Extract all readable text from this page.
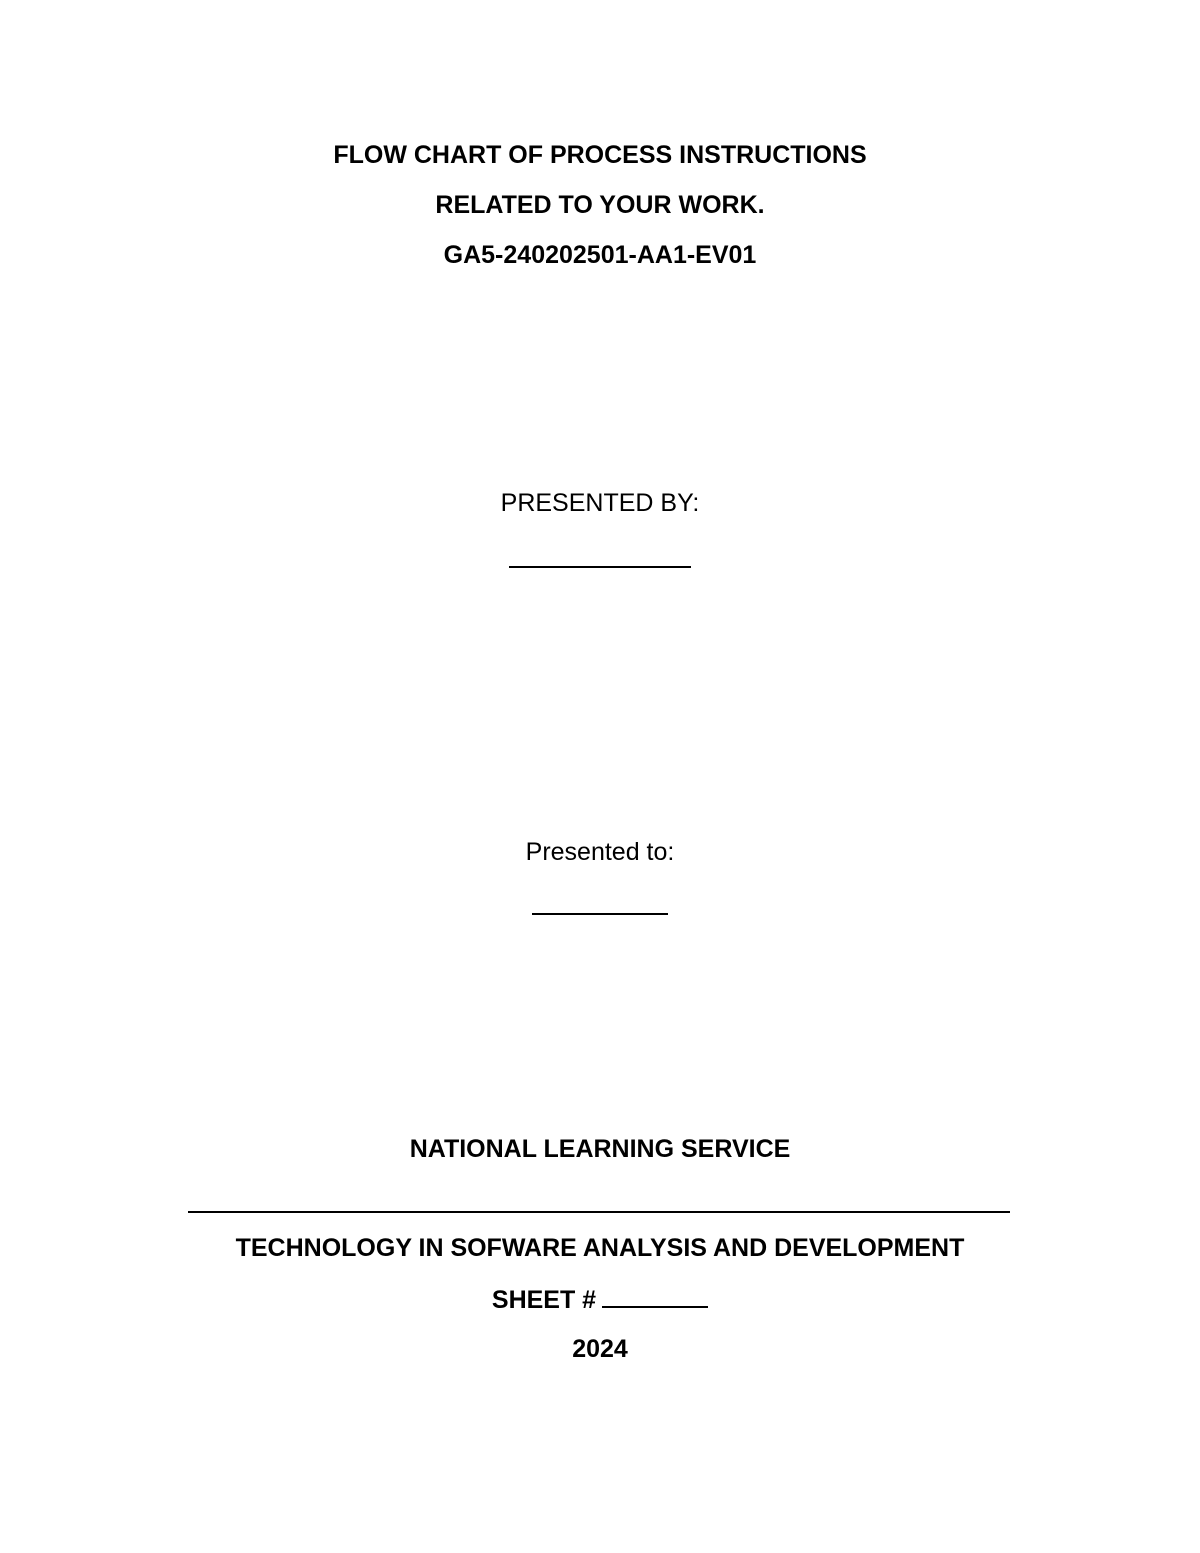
FLOW CHART OF PROCESS INSTRUCTIONS
RELATED TO YOUR WORK.
GA5-240202501-AA1-EV01
PRESENTED BY:
Presented to:
NATIONAL LEARNING SERVICE
TECHNOLOGY IN SOFWARE ANALYSIS AND DEVELOPMENT
SHEET #
2024
